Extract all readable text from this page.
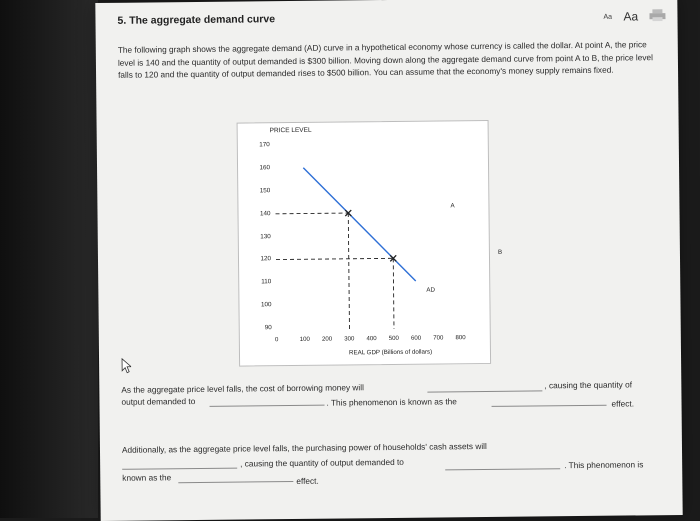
5. The aggregate demand curve	Aa Aa
The following graph shows the aggregate demand (AD) curve in a hypothetical economy whose currency is called the dollar. At point A, the price level is 140 and the quantity of output demanded is $300 billion. Moving down along the aggregate demand curve from point A to B, the price level falls to 120 and the quantity of output demanded rises to $500 billion. You can assume that the economy's money supply remains fixed.
PRICE LEVEL
170
160
150
140
130
120
110
100
90
0	100 200 300 400 500 600 700 800
AD
A
B
REAL GDP (Billions of dollars)
As the aggregate price level falls, the cost of borrowing money will	, causing the quantity of
output demanded to	. This phenomenon is known as the	effect.
Additionally, as the aggregate price level falls, the purchasing power of households' cash assets will
, causing the quantity of output demanded to	. This phenomenon is
known as the	effect.
